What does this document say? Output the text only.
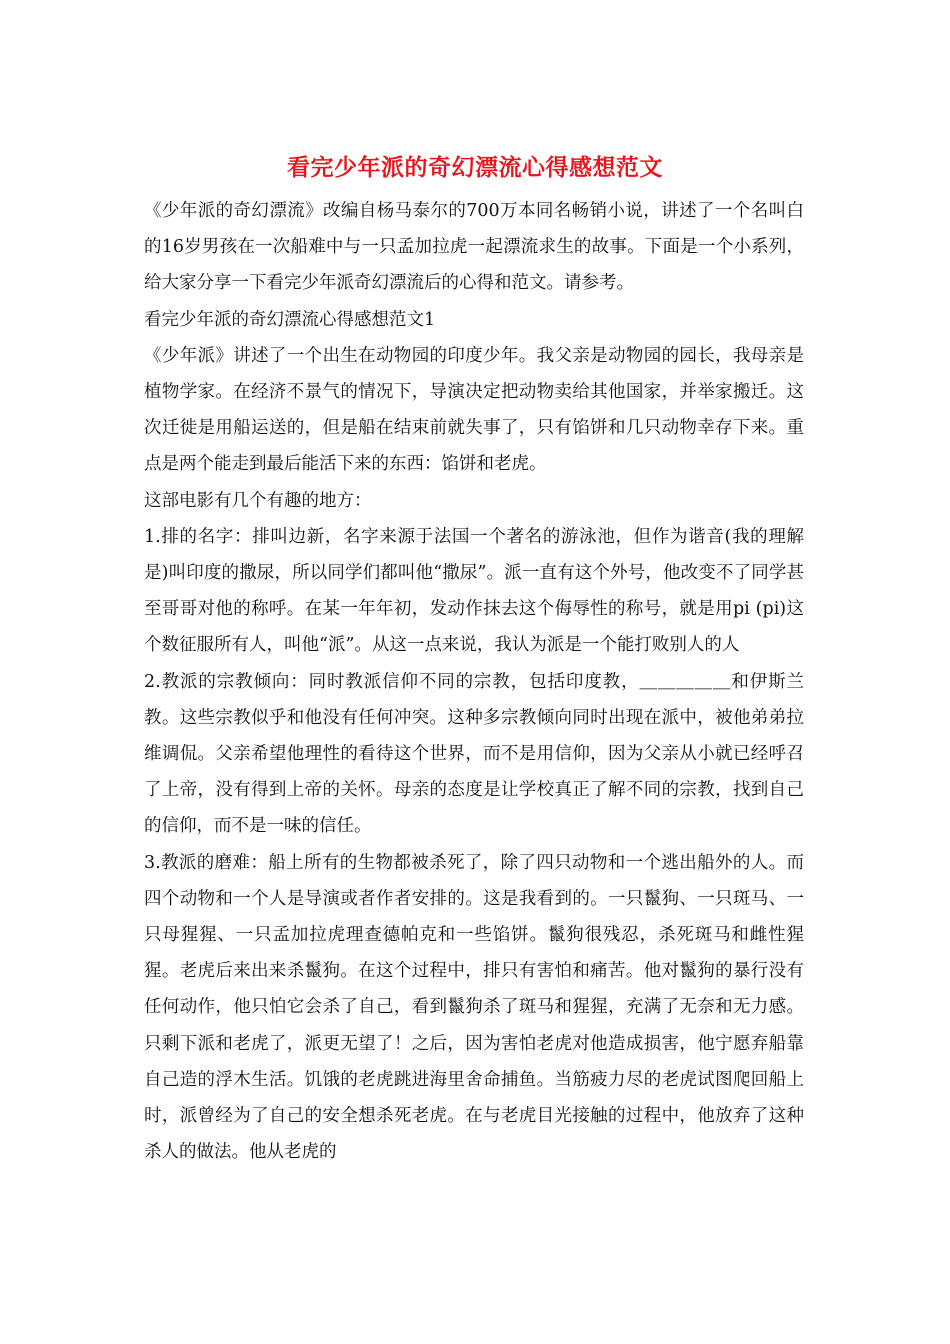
看完少年派的奇幻漂流心得感想范文

《少年派的奇幻漂流》改编自杨马泰尔的700万本同名畅销小说，讲述了一个名叫白的16岁男孩在一次船难中与一只孟加拉虎一起漂流求生的故事。下面是一个小系列，给大家分享一下看完少年派奇幻漂流后的心得和范文。请参考。

看完少年派的奇幻漂流心得感想范文1

《少年派》讲述了一个出生在动物园的印度少年。我父亲是动物园的园长，我母亲是植物学家。在经济不景气的情况下，导演决定把动物卖给其他国家，并举家搬迁。这次迁徙是用船运送的，但是船在结束前就失事了，只有馅饼和几只动物幸存下来。重点是两个能走到最后能活下来的东西：馅饼和老虎。

这部电影有几个有趣的地方：

1.排的名字：排叫边新，名字来源于法国一个著名的游泳池，但作为谐音(我的理解是)叫印度的撒尿，所以同学们都叫他“撒尿”。派一直有这个外号，他改变不了同学甚至哥哥对他的称呼。在某一年年初，发动作抹去这个侮辱性的称号，就是用pi (pi)这个数征服所有人，叫他“派”。从这一点来说，我认为派是一个能打败别人的人

2.教派的宗教倾向：同时教派信仰不同的宗教，包括印度教，＿＿＿＿＿和伊斯兰教。这些宗教似乎和他没有任何冲突。这种多宗教倾向同时出现在派中，被他弟弟拉维调侃。父亲希望他理性的看待这个世界，而不是用信仰，因为父亲从小就已经呼召了上帝，没有得到上帝的关怀。母亲的态度是让学校真正了解不同的宗教，找到自己的信仰，而不是一味的信任。

3.教派的磨难：船上所有的生物都被杀死了，除了四只动物和一个逃出船外的人。而四个动物和一个人是导演或者作者安排的。这是我看到的。一只鬣狗、一只斑马、一只母猩猩、一只孟加拉虎理查德帕克和一些馅饼。鬣狗很残忍，杀死斑马和雌性猩猩。老虎后来出来杀鬣狗。在这个过程中，排只有害怕和痛苦。他对鬣狗的暴行没有任何动作，他只怕它会杀了自己，看到鬣狗杀了斑马和猩猩，充满了无奈和无力感。只剩下派和老虎了，派更无望了！之后，因为害怕老虎对他造成损害，他宁愿弃船靠自己造的浮木生活。饥饿的老虎跳进海里舍命捕鱼。当筋疲力尽的老虎试图爬回船上时，派曾经为了自己的安全想杀死老虎。在与老虎目光接触的过程中，他放弃了这种杀人的做法。他从老虎的
